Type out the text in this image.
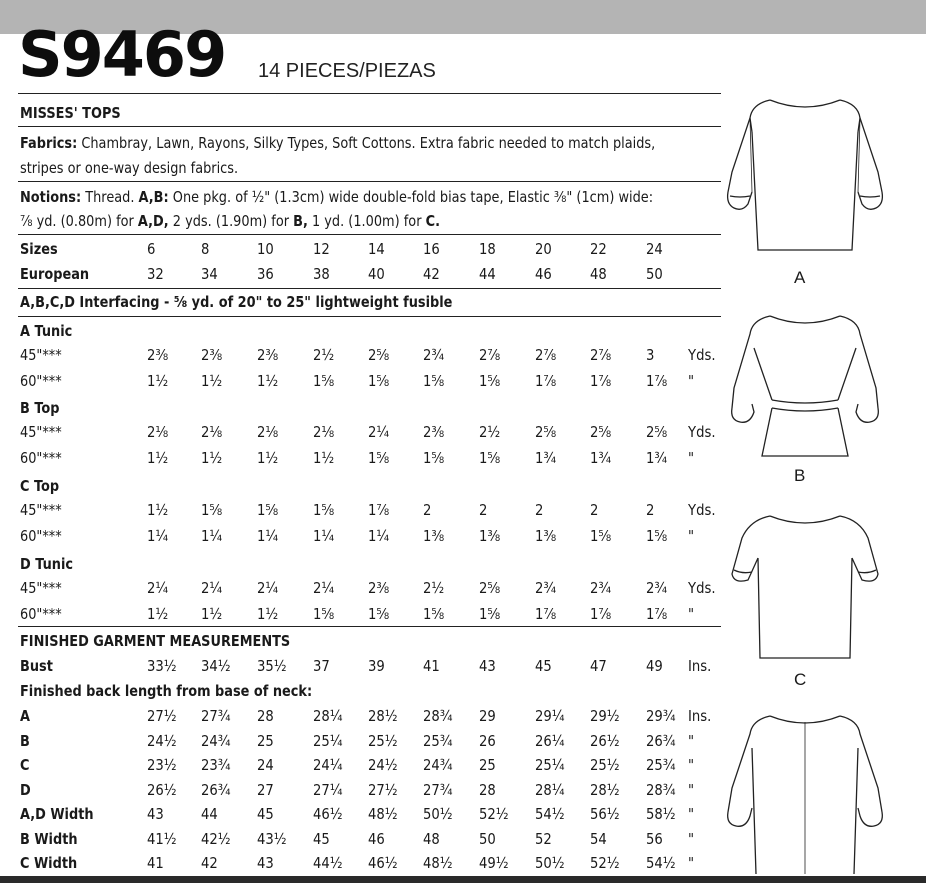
S9469 14 PIECES/PIEZAS
MISSES' TOPS
Fabrics: Chambray, Lawn, Rayons, Silky Types, Soft Cottons. Extra fabric needed to match plaids,
stripes or one-way design fabrics.
Notions: Thread. A,B: One pkg. of ½" (1.3cm) wide double-fold bias tape, Elastic ⅜" (1cm) wide:
⅞ yd. (0.80m) for A,D, 2 yds. (1.90m) for B, 1 yd. (1.00m) for C.
Sizes	6	8	10	12	14	16	18	20	22	24
European	32 34	36	38	40	42	44	46	48	50
A Tunic
45"***	2⅜ 2⅜ 2⅜ 2½ 2⅝ 2¾ 2⅞ 2⅞ 2⅞ 3 Yds.
60"***	1½ 1½ 1½ 1⅝ 1⅝ 1⅝ 1⅝ 1⅞ 1⅞ 1⅞ "
B Top
45"***	2⅛ 2⅛ 2⅛ 2⅛ 2¼ 2⅜ 2½ 2⅝ 2⅝ 2⅝ Yds.
60"***	1½ 1½ 1½ 1½ 1⅝ 1⅝ 1⅝ 1¾ 1¾ 1¾ "
C Top
45"***	1½ 1⅝ 1⅝ 1⅝ 1⅞ 2	2	2	2	2 Yds.
60"***	1¼ 1¼ 1¼ 1¼ 1¼ 1⅜ 1⅜ 1⅜ 1⅝ 1⅝ "
D Tunic
45"***	2¼ 2¼ 2¼ 2¼ 2⅜ 2½ 2⅝ 2¾ 2¾ 2¾ Yds.
60"***	1½ 1½ 1½ 1⅝ 1⅝ 1⅝ 1⅝ 1⅞ 1⅞ 1⅞ "
FINISHED GARMENT MEASUREMENTS
Bust	33½ 34½ 35½ 37	39	41	43	45	47	49 Ins.
Finished back length from base of neck:
A	27½ 27¾ 28	28¼ 28½ 28¾ 29	29¼ 29½ 29¾ Ins.
B	24½ 24¾ 25	25¼ 25½ 25¾ 26	26¼ 26½ 26¾ "
C	23½ 23¾ 24	24¼ 24½ 24¾ 25	25¼ 25½ 25¾ "
D	26½ 26¾ 27	27¼ 27½ 27¾ 28	28¼ 28½ 28¾ "
A,D Width	43 44	45	46½ 48½ 50½ 52½ 54½ 56½ 58½ "
B Width	41½ 42½ 43½ 45	46	48	50	52	54	56 "
C Width	41 42	43	44½ 46½ 48½ 49½ 50½ 52½ 54½ "
A,B,C,D Interfacing - ⅝ yd. of 20" to 25" lightweight fusible
A
B
C
